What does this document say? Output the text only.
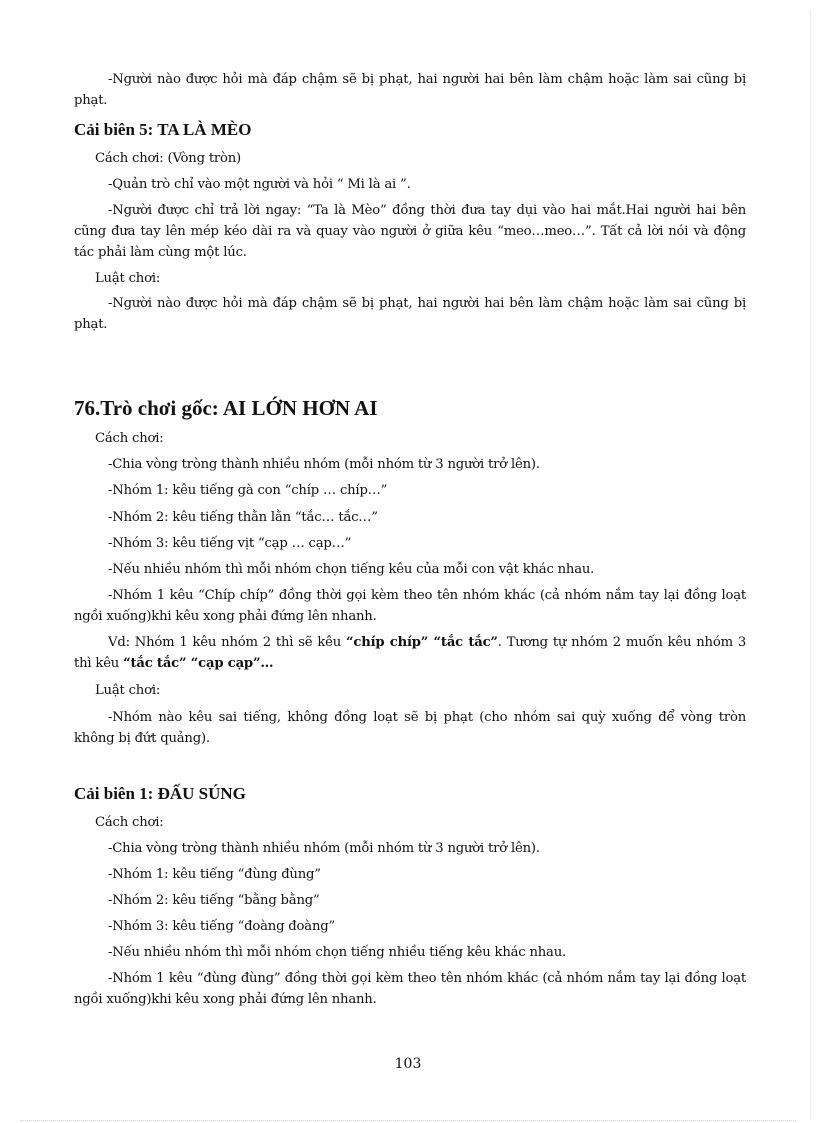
-Người nào được hỏi mà đáp chậm sẽ bị phạt, hai người hai bên làm chậm hoặc làm sai cũng bị phạt.
Cải biên 5: TA LÀ MÈO
Cách chơi: (Vòng tròn)
-Quản trò chỉ vào một người và hỏi “ Mi là ai ”.
-Người được chỉ trả lời ngay: “Ta là Mèo” đồng thời đưa tay dụi vào hai mắt.Hai người hai bên cũng đưa tay lên mép kéo dài ra và quay vào người ở giữa kêu “meo…meo…”. Tất cả lời nói và động tác phải làm cùng một lúc.
Luật chơi:
-Người nào được hỏi mà đáp chậm sẽ bị phạt, hai người hai bên làm chậm hoặc làm sai cũng bị phạt.
76.Trò chơi gốc: AI LỚN HƠN AI
Cách chơi:
-Chia vòng tròng thành nhiều nhóm (mỗi nhóm từ 3 người trở lên).
-Nhóm 1: kêu tiếng gà con “chíp … chíp…”
-Nhóm 2: kêu tiếng thằn lằn “tắc… tắc…”
-Nhóm 3: kêu tiếng vịt “cạp … cạp…”
-Nếu nhiều nhóm thì mỗi nhóm chọn tiếng kêu của mỗi con vật khác nhau.
-Nhóm 1 kêu “Chíp chíp” đồng thời gọi kèm theo tên nhóm khác (cả nhóm nắm tay lại đồng loạt ngồi xuống)khi kêu xong phải đứng lên nhanh.
Vd: Nhóm 1 kêu nhóm 2 thì sẽ kêu “chíp chíp” “tắc tắc”. Tương tự nhóm 2 muốn kêu nhóm 3 thì kêu “tắc tắc” “cạp cạp”…
Luật chơi:
-Nhóm nào kêu sai tiếng, không đồng loạt sẽ bị phạt (cho nhóm sai quỳ xuống để vòng tròn không bị đứt quảng).
Cải biên 1: ĐẤU SÚNG
Cách chơi:
-Chia vòng tròng thành nhiều nhóm (mỗi nhóm từ 3 người trở lên).
-Nhóm 1: kêu tiếng “đùng đùng”
-Nhóm 2: kêu tiếng “bằng bằng”
-Nhóm 3: kêu tiếng “đoàng đoàng”
-Nếu nhiều nhóm thì mỗi nhóm chọn tiếng nhiều tiếng kêu khác nhau.
-Nhóm 1 kêu “đùng đùng” đồng thời gọi kèm theo tên nhóm khác (cả nhóm nắm tay lại đồng loạt ngồi xuống)khi kêu xong phải đứng lên nhanh.
103
